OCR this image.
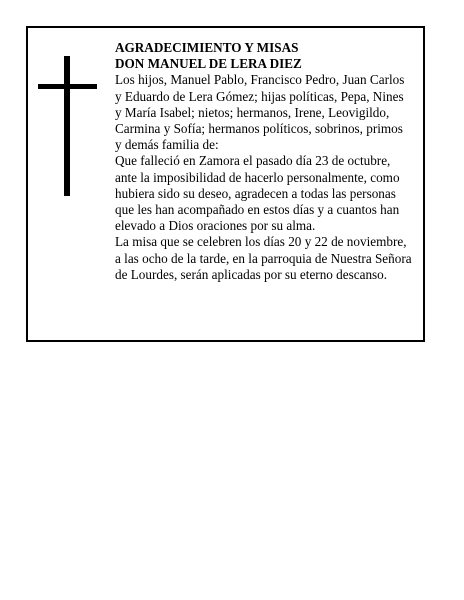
AGRADECIMIENTO Y MISAS
DON MANUEL DE LERA DIEZ
Los hijos, Manuel Pablo, Francisco Pedro, Juan Carlos
y Eduardo de Lera Gómez; hijas políticas, Pepa, Nines
y María Isabel; nietos; hermanos, Irene, Leovigildo,
Carmina y Sofía; hermanos políticos, sobrinos, primos
y demás familia de:
Que falleció en Zamora el pasado día 23 de octubre,
ante la imposibilidad de hacerlo personalmente, como
hubiera sido su deseo, agradecen a todas las personas
que les han acompañado en estos días y a cuantos han
elevado a Dios oraciones por su alma.
La misa que se celebren los días 20 y 22 de noviembre,
a las ocho de la tarde, en la parroquia de Nuestra Señora
de Lourdes, serán aplicadas por su eterno descanso.
